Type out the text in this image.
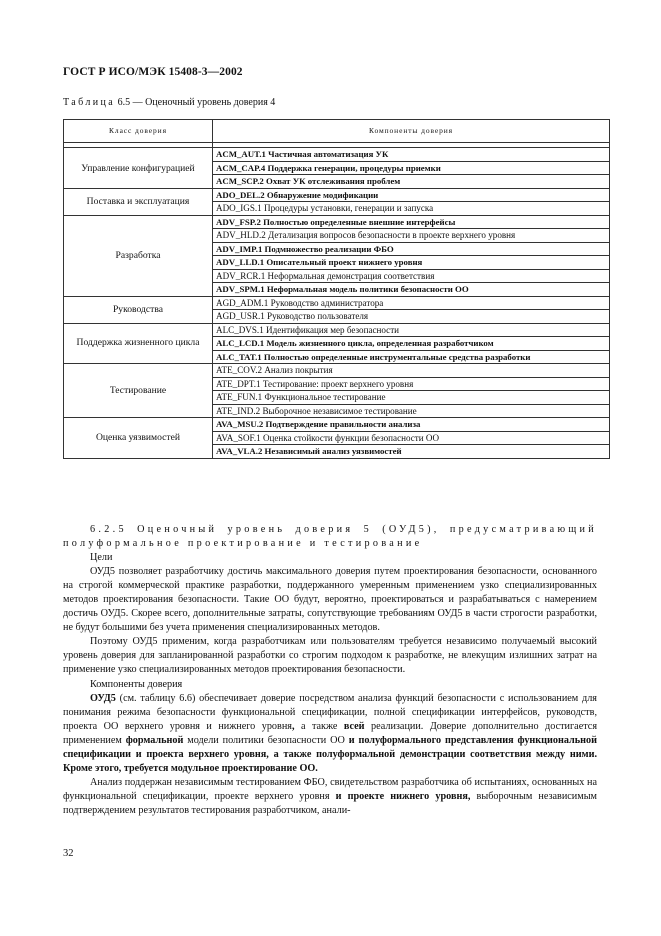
ГОСТ Р ИСО/МЭК 15408-3—2002
Таблица 6.5 — Оценочный уровень доверия 4
Класс доверия	Компоненты доверия

Управление конфигурацией	ACM_AUT.1 Частичная автоматизация УК
	ACM_CAP.4 Поддержка генерации, процедуры приемки
	ACM_SCP.2 Охват УК отслеживания проблем
Поставка и эксплуатация	ADO_DEL.2 Обнаружение модификации
	ADO_IGS.1 Процедуры установки, генерации и запуска
Разработка	ADV_FSP.2 Полностью определенные внешние интерфейсы
	ADV_HLD.2 Детализация вопросов безопасности в проекте верхнего уровня
	ADV_IMP.1 Подмножество реализации ФБО
	ADV_LLD.1 Описательный проект нижнего уровня
	ADV_RCR.1 Неформальная демонстрация соответствия
	ADV_SPM.1 Неформальная модель политики безопасности ОО
Руководства	AGD_ADM.1 Руководство администратора
	AGD_USR.1 Руководство пользователя
Поддержка жизненного цикла	ALC_DVS.1 Идентификация мер безопасности
	ALC_LCD.1 Модель жизненного цикла, определенная разработчиком
	ALC_TAT.1 Полностью определенные инструментальные средства разработки
Тестирование	ATE_COV.2 Анализ покрытия
	ATE_DPT.1 Тестирование: проект верхнего уровня
	ATE_FUN.1 Функциональное тестирование
	ATE_IND.2 Выборочное независимое тестирование
Оценка уязвимостей	AVA_MSU.2 Подтверждение правильности анализа
	AVA_SOF.1 Оценка стойкости функции безопасности ОО
	AVA_VLA.2 Независимый анализ уязвимостей

6.2.5 Оценочный уровень доверия 5 (ОУД5), предусматривающий полуформальное проектирование и тестирование

Цели

ОУД5 позволяет разработчику достичь максимального доверия путем проектирования безопасности, основанного на строгой коммерческой практике разработки, поддержанного умеренным применением узко специализированных методов проектирования безопасности. Такие ОО будут, вероятно, проектироваться и разрабатываться с намерением достичь ОУД5. Скорее всего, дополнительные затраты, сопутствующие требованиям ОУД5 в части строгости разработки, не будут большими без учета применения специализированных методов.

Поэтому ОУД5 применим, когда разработчикам или пользователям требуется независимо получаемый высокий уровень доверия для запланированной разработки со строгим подходом к разработке, не влекущим излишних затрат на применение узко специализированных методов проектирования безопасности.

Компоненты доверия

ОУД5 (см. таблицу 6.6) обеспечивает доверие посредством анализа функций безопасности с использованием для понимания режима безопасности функциональной спецификации, полной спецификации интерфейсов, руководств, проекта ОО верхнего уровня и нижнего уровня, а также всей реализации. Доверие дополнительно достигается применением формальной модели политики безопасности ОО и полуформального представления функциональной спецификации и проекта верхнего уровня, а также полуформальной демонстрации соответствия между ними. Кроме этого, требуется модульное проектирование ОО.

Анализ поддержан независимым тестированием ФБО, свидетельством разработчика об испытаниях, основанных на функциональной спецификации, проекте верхнего уровня и проекте нижнего уровня, выборочным независимым подтверждением результатов тестирования разработчиком, анали-

32
